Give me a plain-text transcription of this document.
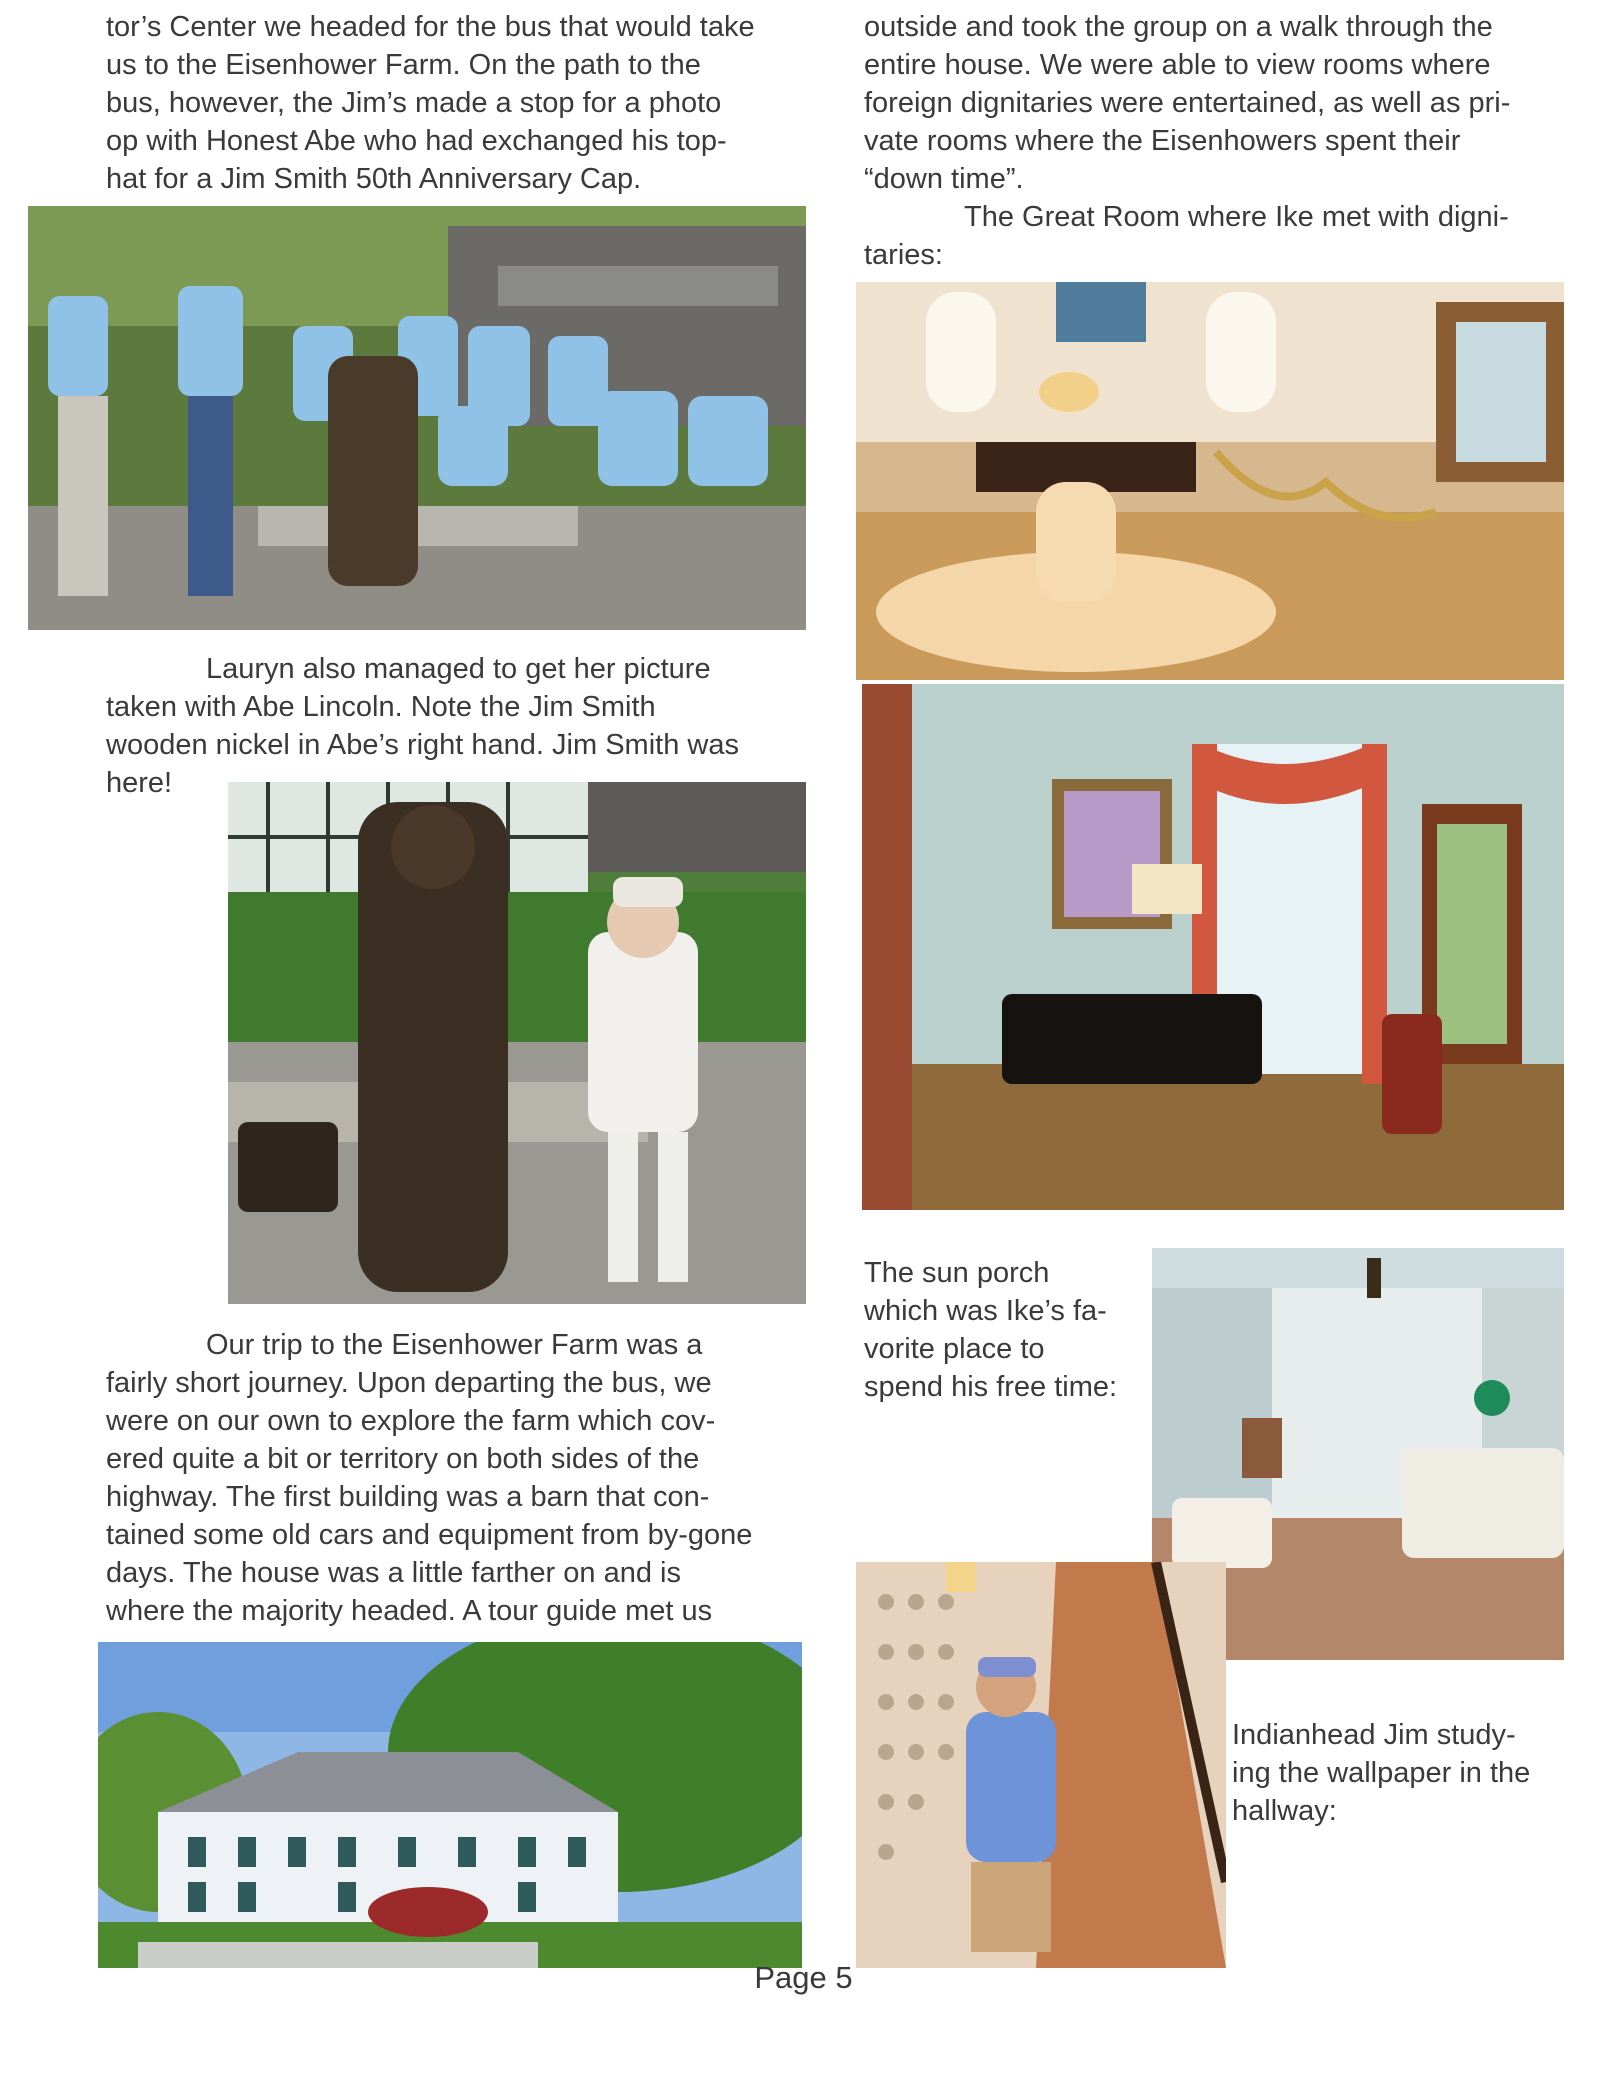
tor’s Center we headed for the bus that would take
us to the Eisenhower Farm. On the path to the
bus, however, the Jim’s made a stop for a photo
op with Honest Abe who had exchanged his top-
hat for a Jim Smith 50th Anniversary Cap.

Lauryn also managed to get her picture
taken with Abe Lincoln. Note the Jim Smith
wooden nickel in Abe’s right hand. Jim Smith was
here!

Our trip to the Eisenhower Farm was a
fairly short journey. Upon departing the bus, we
were on our own to explore the farm which cov-
ered quite a bit or territory on both sides of the
highway. The first building was a barn that con-
tained some old cars and equipment from by-gone
days. The house was a little farther on and is
where the majority headed. A tour guide met us

outside and took the group on a walk through the
entire house. We were able to view rooms where
foreign dignitaries were entertained, as well as pri-
vate rooms where the Eisenhowers spent their
“down time”.

The Great Room where Ike met with digni-
taries:

The sun porch
which was Ike’s fa-
vorite place to
spend his free time:

Indianhead Jim study-
ing the wallpaper in the
hallway:

Page 5
